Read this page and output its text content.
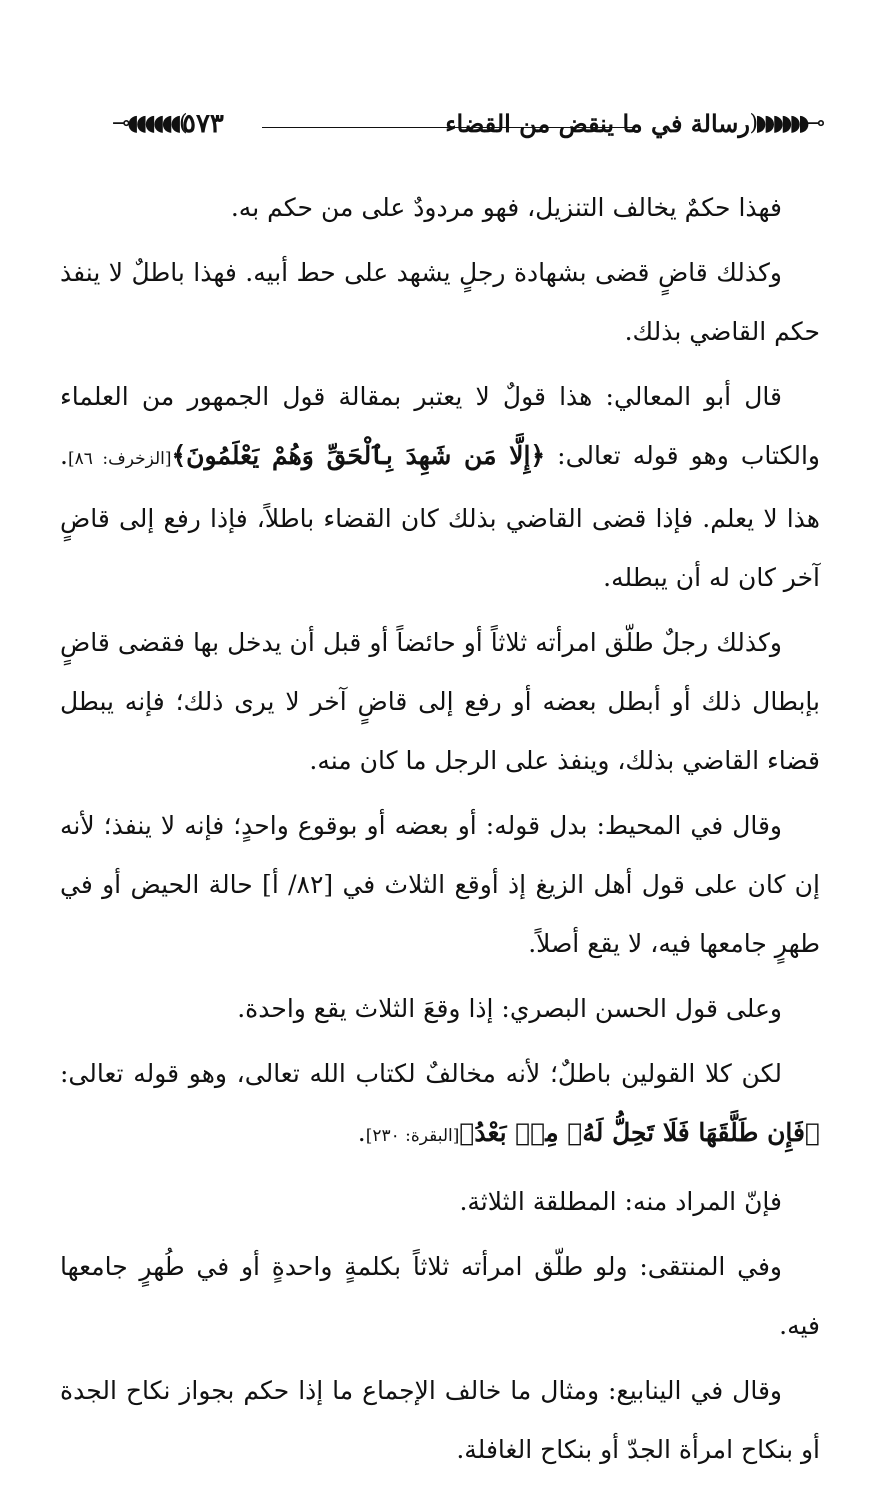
⊸◖◖◖◖◖◖(
٥٧٣	رسالة في ما ينقض من القضاء )◗◗◗◗◗◗⊸

فهذا حكمٌ يخالف التنزيل، فهو مردودٌ على من حكم به.

وكذلك قاضٍ قضى بشهادة رجلٍ يشهد على حط أبيه. فهذا باطلٌ لا ينفذ حكم القاضي بذلك.

قال أبو المعالي: هذا قولٌ لا يعتبر بمقالة قول الجمهور من العلماء والكتاب وهو قوله تعالى: ﴿إِلَّا مَن شَهِدَ بِٱلْحَقِّ وَهُمْ يَعْلَمُونَ﴾[الزخرف: ٨٦]. هذا لا يعلم. فإذا قضى القاضي بذلك كان القضاء باطلاً، فإذا رفع إلى قاضٍ آخر كان له أن يبطله.

وكذلك رجلٌ طلّق امرأته ثلاثاً أو حائضاً أو قبل أن يدخل بها فقضى قاضٍ بإبطال ذلك أو أبطل بعضه أو رفع إلى قاضٍ آخر لا يرى ذلك؛ فإنه يبطل قضاء القاضي بذلك، وينفذ على الرجل ما كان منه.

وقال في المحيط: بدل قوله: أو بعضه أو بوقوع واحدٍ؛ فإنه لا ينفذ؛ لأنه إن كان على قول أهل الزيغ إذ أوقع الثلاث في [٨٢/ أ] حالة الحيض أو في طهرٍ جامعها فيه، لا يقع أصلاً.

وعلى قول الحسن البصري: إذا وقعَ الثلاث يقع واحدة.

لكن كلا القولين باطلٌ؛ لأنه مخالفٌ لكتاب الله تعالى، وهو قوله تعالى: ﴿فَإِن طَلَّقَهَا فَلَا تَحِلُّ لَهُۥ مِنۢ بَعْدُ﴾[البقرة: ٢٣٠].

فإنّ المراد منه: المطلقة الثلاثة.

وفي المنتقى: ولو طلّق امرأته ثلاثاً بكلمةٍ واحدةٍ أو في طُهرٍ جامعها فيه.

وقال في الينابيع: ومثال ما خالف الإجماع ما إذا حكم بجواز نكاح الجدة أو بنكاح امرأة الجدّ أو بنكاح الغافلة.
